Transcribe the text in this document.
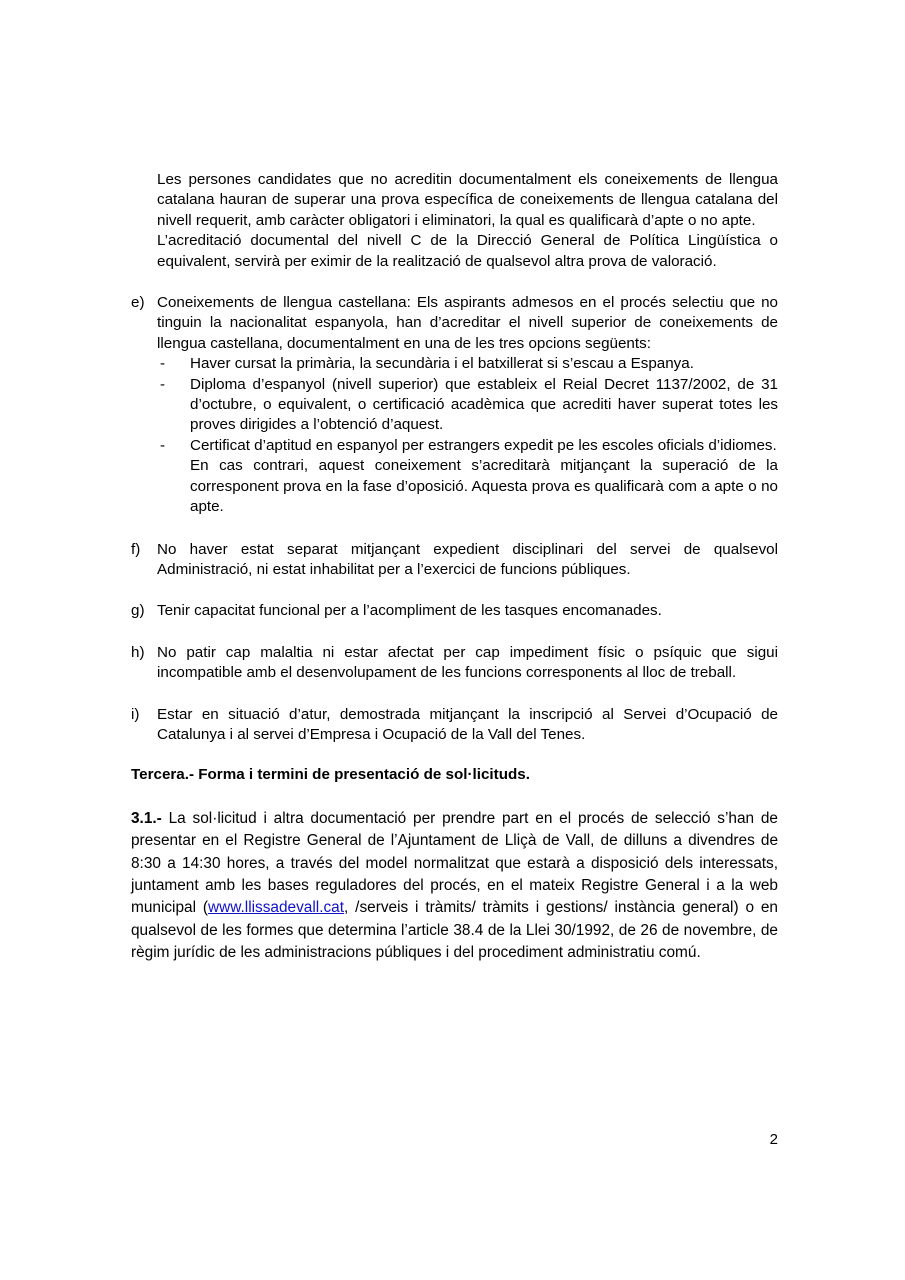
Les persones candidates que no acreditin documentalment els coneixements de llengua catalana hauran de superar una prova específica de coneixements de llengua catalana del nivell requerit, amb caràcter obligatori i eliminatori, la qual es qualificarà d’apte o no apte.
L’acreditació documental del nivell C de la Direcció General de Política Lingüística o equivalent, servirà per eximir de la realització de qualsevol altra prova de valoració.
e) Coneixements de llengua castellana: Els aspirants admesos en el procés selectiu que no tinguin la nacionalitat espanyola, han d’acreditar el nivell superior de coneixements de llengua castellana, documentalment en una de les tres opcions següents:
-	Haver cursat la primària, la secundària i el batxillerat si s’escau a Espanya.
-	Diploma d’espanyol (nivell superior) que estableix el Reial Decret 1137/2002, de 31 d’octubre, o equivalent, o certificació acadèmica que acrediti haver superat totes les proves dirigides a l’obtenció d’aquest.
-	Certificat d’aptitud en espanyol per estrangers expedit pe les escoles oficials d’idiomes.
En cas contrari, aquest coneixement s’acreditarà mitjançant la superació de la corresponent prova en la fase d’oposició. Aquesta prova es qualificarà com a apte o no apte.
f)	No haver estat separat mitjançant expedient disciplinari del servei de qualsevol Administració, ni estat inhabilitat per a l’exercici de funcions públiques.
g) Tenir capacitat funcional per a l’acompliment de les tasques encomanades.
h) No patir cap malaltia ni estar afectat per cap impediment físic o psíquic que sigui incompatible amb el desenvolupament de les funcions corresponents al lloc de treball.
i)	Estar en situació d’atur, demostrada mitjançant la inscripció al Servei d’Ocupació de Catalunya i al servei d’Empresa i Ocupació de la Vall del Tenes.
Tercera.- Forma i termini de presentació de sol·licituds.
3.1.- La sol·licitud i altra documentació per prendre part en el procés de selecció s’han de presentar en el Registre General de l’Ajuntament de Lliçà de Vall, de dilluns a divendres de 8:30 a 14:30 hores, a través del model normalitzat que estarà a disposició dels interessats, juntament amb les bases reguladores del procés, en el mateix Registre General i a la web municipal (www.llissadevall.cat, /serveis i tràmits/ tràmits i gestions/ instància general) o en qualsevol de les formes que determina l’article 38.4 de la Llei 30/1992, de 26 de novembre, de règim jurídic de les administracions públiques i del procediment administratiu comú.
2
